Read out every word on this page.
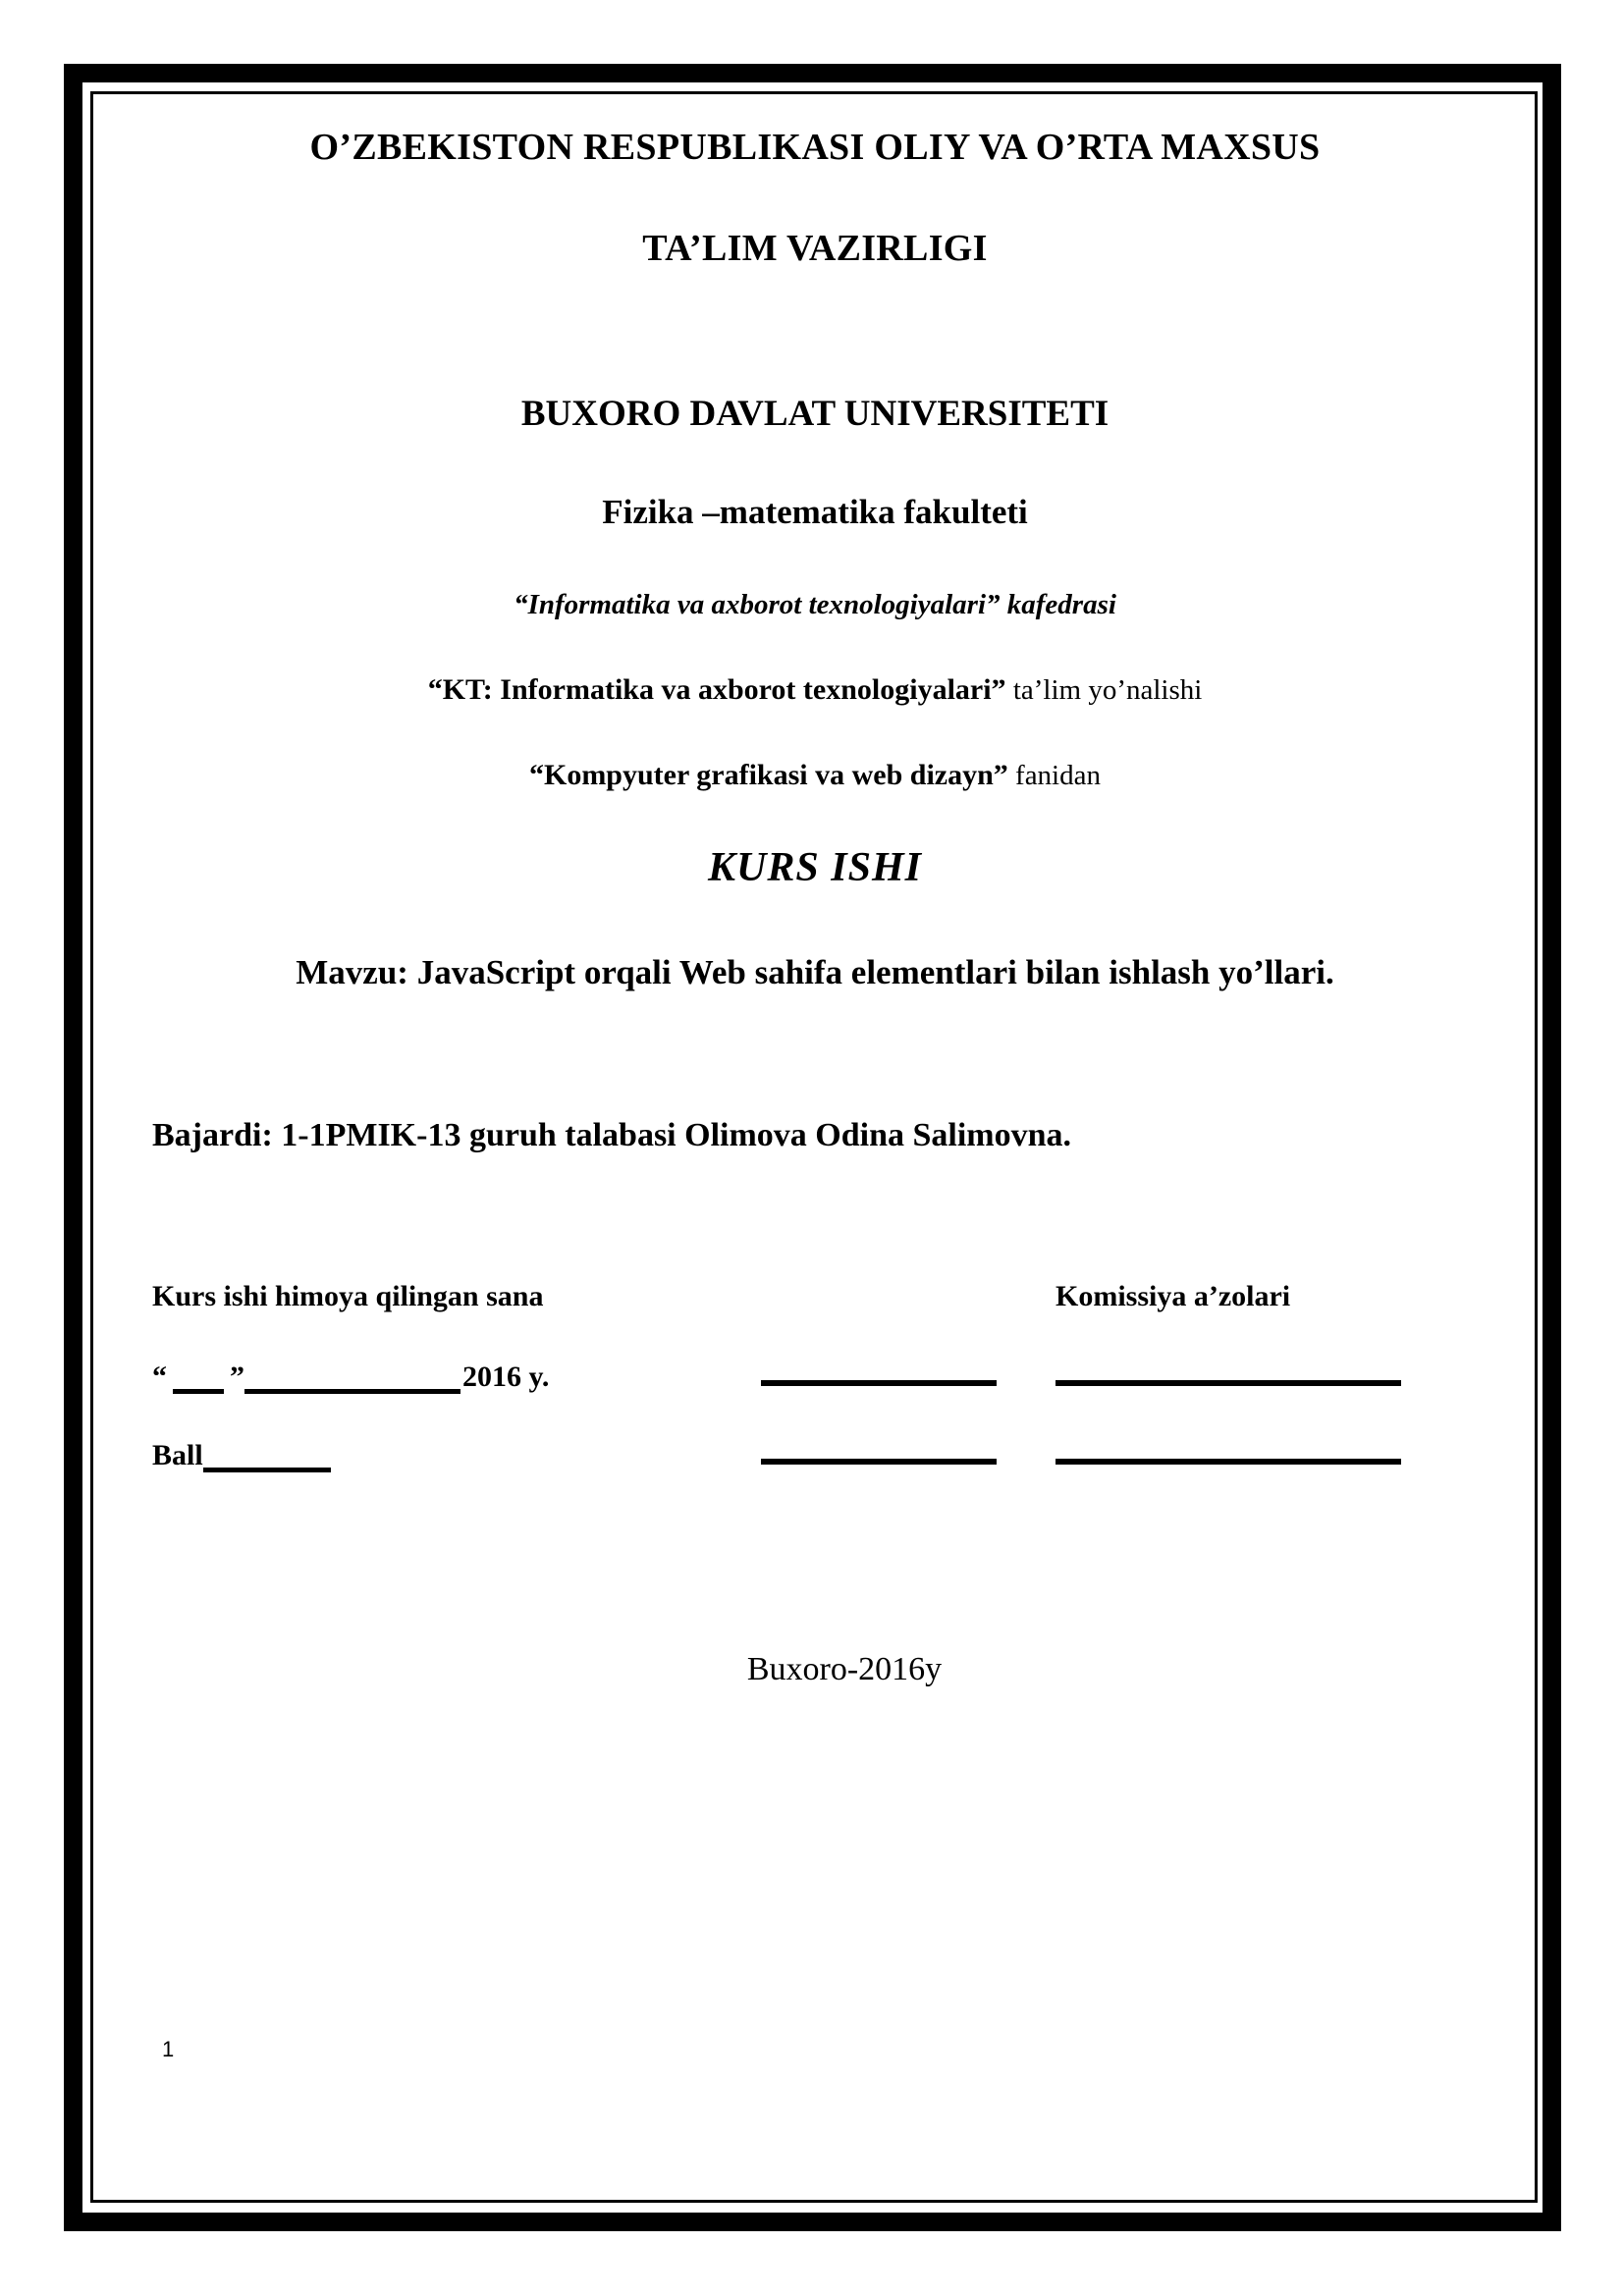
O’ZBEKISTON RESPUBLIKASI OLIY VA O’RTA MAXSUS
TA’LIM VAZIRLIGI
BUXORO DAVLAT UNIVERSITETI
Fizika –matematika fakulteti
“Informatika va axborot texnologiyalari” kafedrasi
“KT: Informatika va axborot texnologiyalari” ta’lim yo’nalishi
“Kompyuter grafikasi va web dizayn” fanidan
KURS ISHI
Mavzu: JavaScript orqali Web sahifa elementlari bilan ishlash yo’llari.
Bajardi: 1-1PMIK-13 guruh talabasi Olimova Odina Salimovna.
Kurs ishi himoya qilingan sana	Komissiya a’zolari
“ ”	2016 y.
Ball
Buxoro-2016y
1
